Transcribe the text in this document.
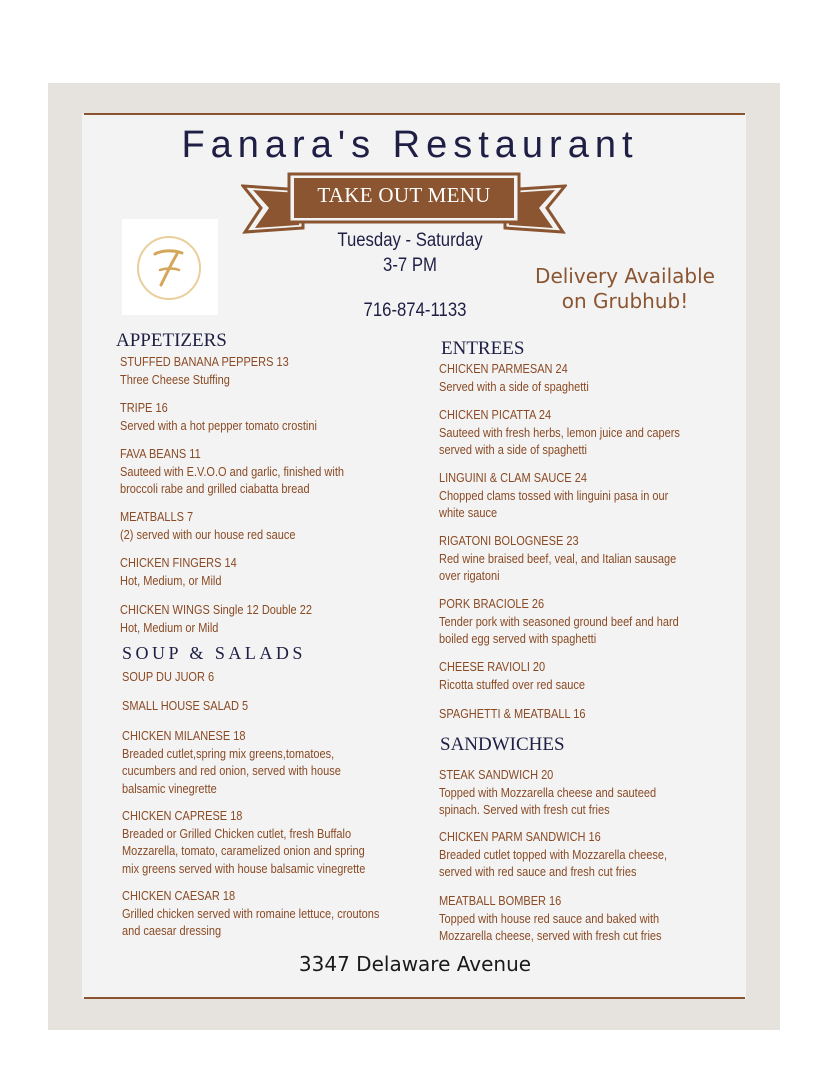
Fanara's Restaurant
TAKE OUT MENU
Tuesday - Saturday
3-7 PM
716-874-1133
Delivery Available
on Grubhub!
APPETIZERS
STUFFED BANANA PEPPERS 13
Three Cheese Stuffing
TRIPE 16
Served with a hot pepper tomato crostini
FAVA BEANS 11
Sauteed with E.V.O.O and garlic, finished with
broccoli rabe and grilled ciabatta bread
MEATBALLS 7
(2) served with our house red sauce
CHICKEN FINGERS 14
Hot, Medium, or Mild
CHICKEN WINGS Single 12 Double 22
Hot, Medium or Mild
SOUP & SALADS
SOUP DU JUOR 6
SMALL HOUSE SALAD 5
CHICKEN MILANESE 18
Breaded cutlet,spring mix greens,tomatoes,
cucumbers and red onion, served with house
balsamic vinegrette
CHICKEN CAPRESE 18
Breaded or Grilled Chicken cutlet, fresh Buffalo
Mozzarella, tomato, caramelized onion and spring
mix greens served with house balsamic vinegrette
CHICKEN CAESAR 18
Grilled chicken served with romaine lettuce, croutons
and caesar dressing
ENTREES
CHICKEN PARMESAN 24
Served with a side of spaghetti
CHICKEN PICATTA 24
Sauteed with fresh herbs, lemon juice and capers
served with a side of spaghetti
LINGUINI & CLAM SAUCE 24
Chopped clams tossed with linguini pasa in our
white sauce
RIGATONI BOLOGNESE 23
Red wine braised beef, veal, and Italian sausage
over rigatoni
PORK BRACIOLE 26
Tender pork with seasoned ground beef and hard
boiled egg served with spaghetti
CHEESE RAVIOLI 20
Ricotta stuffed over red sauce
SPAGHETTI & MEATBALL 16
SANDWICHES
STEAK SANDWICH 20
Topped with Mozzarella cheese and sauteed
spinach. Served with fresh cut fries
CHICKEN PARM SANDWICH 16
Breaded cutlet topped with Mozzarella cheese,
served with red sauce and fresh cut fries
MEATBALL BOMBER 16
Topped with house red sauce and baked with
Mozzarella cheese, served with fresh cut fries
3347 Delaware Avenue
